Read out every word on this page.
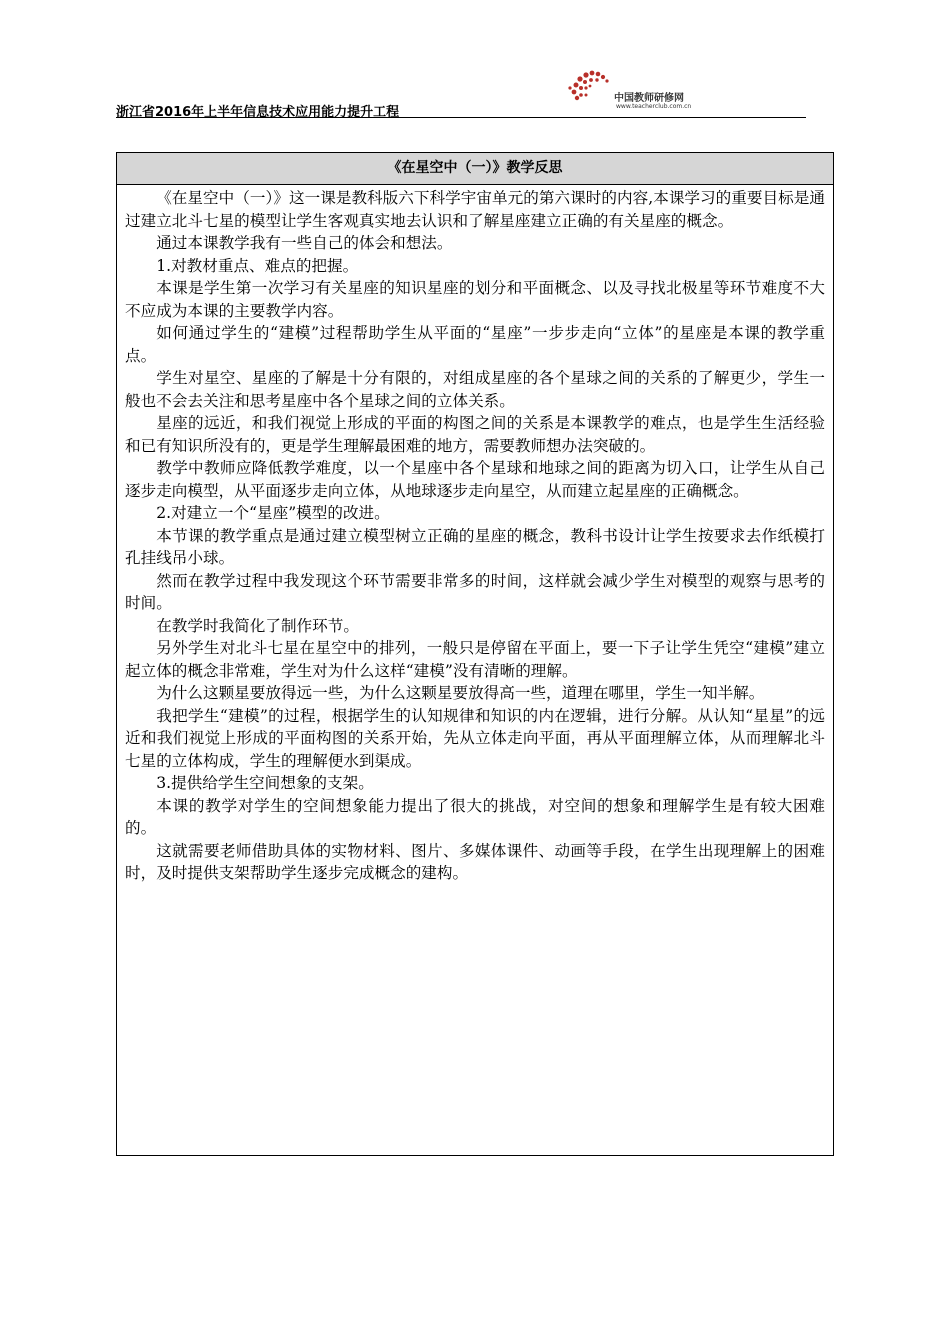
浙江省2016年上半年信息技术应用能力提升工程
中国教师研修网
www.teacherclub.com.cn
《在星空中（一）》教学反思

《在星空中（一）》这一课是教科版六下科学宇宙单元的第六课时的内容,本课学习的重要目标是通过建立北斗七星的模型让学生客观真实地去认识和了解星座建立正确的有关星座的概念。

通过本课教学我有一些自己的体会和想法。

1.对教材重点、难点的把握。

本课是学生第一次学习有关星座的知识星座的划分和平面概念、以及寻找北极星等环节难度不大不应成为本课的主要教学内容。

如何通过学生的“建模”过程帮助学生从平面的“星座”一步步走向“立体”的星座是本课的教学重点。

学生对星空、星座的了解是十分有限的，对组成星座的各个星球之间的关系的了解更少，学生一般也不会去关注和思考星座中各个星球之间的立体关系。

星座的远近，和我们视觉上形成的平面的构图之间的关系是本课教学的难点，也是学生生活经验和已有知识所没有的，更是学生理解最困难的地方，需要教师想办法突破的。

教学中教师应降低教学难度，以一个星座中各个星球和地球之间的距离为切入口，让学生从自己逐步走向模型，从平面逐步走向立体，从地球逐步走向星空，从而建立起星座的正确概念。

2.对建立一个“星座”模型的改进。

本节课的教学重点是通过建立模型树立正确的星座的概念，教科书设计让学生按要求去作纸模打孔挂线吊小球。

然而在教学过程中我发现这个环节需要非常多的时间，这样就会减少学生对模型的观察与思考的时间。

在教学时我简化了制作环节。

另外学生对北斗七星在星空中的排列，一般只是停留在平面上，要一下子让学生凭空“建模”建立起立体的概念非常难，学生对为什么这样“建模”没有清晰的理解。

为什么这颗星要放得远一些，为什么这颗星要放得高一些，道理在哪里，学生一知半解。

我把学生“建模”的过程，根据学生的认知规律和知识的内在逻辑，进行分解。从认知“星星”的远近和我们视觉上形成的平面构图的关系开始，先从立体走向平面，再从平面理解立体，从而理解北斗七星的立体构成，学生的理解便水到渠成。

3.提供给学生空间想象的支架。

本课的教学对学生的空间想象能力提出了很大的挑战，对空间的想象和理解学生是有较大困难的。

这就需要老师借助具体的实物材料、图片、多媒体课件、动画等手段，在学生出现理解上的困难时，及时提供支架帮助学生逐步完成概念的建构。
